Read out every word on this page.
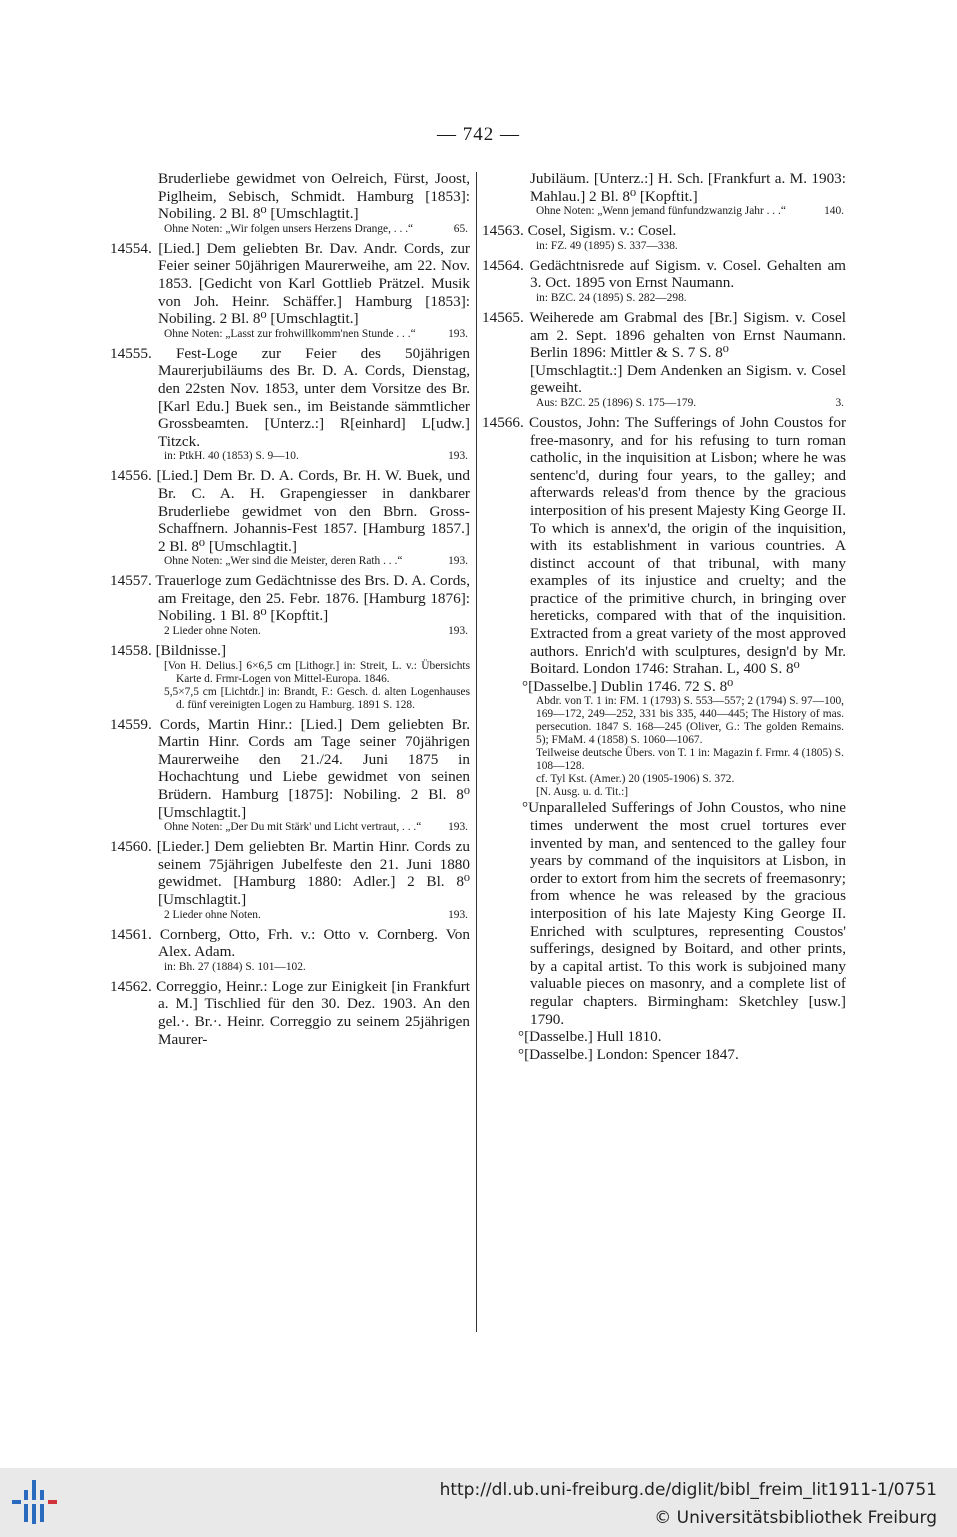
— 742 —

Bruderliebe gewidmet von Oelreich, Fürst, Joost, Piglheim, Sebisch, Schmidt. Hamburg [1853]: Nobiling. 2 Bl. 8⁰ [Umschlagtit.]

65.
Ohne Noten: „Wir folgen unsers Herzens Drange, . . .“

14554. [Lied.] Dem geliebten Br. Dav. Andr. Cords, zur Feier seiner 50jährigen Maurerweihe, am 22. Nov. 1853. [Gedicht von Karl Gottlieb Prätzel. Musik von Joh. Heinr. Schäffer.] Hamburg [1853]: Nobiling. 2 Bl. 8⁰ [Umschlagtit.]

193.
Ohne Noten: „Lasst zur frohwillkomm'nen Stunde . . .“

14555. Fest-Loge zur Feier des 50jährigen Maurerjubiläums des Br. D. A. Cords, Dienstag, den 22sten Nov. 1853, unter dem Vorsitze des Br. [Karl Edu.] Buek sen., im Beistande sämmtlicher Grossbeamten. [Unterz.:] R[einhard] L[udw.] Titzck.

193.
in: PtkH. 40 (1853) S. 9—10.

14556. [Lied.] Dem Br. D. A. Cords, Br. H. W. Buek, und Br. C. A. H. Grapengiesser in dankbarer Bruderliebe gewidmet von den Bbrn. Gross-Schaffnern. Johannis-Fest 1857. [Hamburg 1857.] 2 Bl. 8⁰ [Umschlagtit.]

193.
Ohne Noten: „Wer sind die Meister, deren Rath . . .“

14557. Trauerloge zum Gedächtnisse des Brs. D. A. Cords, am Freitage, den 25. Febr. 1876. [Hamburg 1876]: Nobiling. 1 Bl. 8⁰ [Kopftit.]

193.
2 Lieder ohne Noten.

14558. [Bildnisse.]

[Von H. Delius.] 6×6,5 cm [Lithogr.] in: Streit, L. v.: Übersichts Karte d. Frmr-Logen von Mittel-Europa. 1846.

5,5×7,5 cm [Lichtdr.] in: Brandt, F.: Gesch. d. alten Logenhauses d. fünf vereinigten Logen zu Hamburg. 1891 S. 128.

14559. Cords, Martin Hinr.: [Lied.] Dem geliebten Br. Martin Hinr. Cords am Tage seiner 70jährigen Maurerweihe den 21./24. Juni 1875 in Hochachtung und Liebe gewidmet von seinen Brüdern. Hamburg [1875]: Nobiling. 2 Bl. 8⁰ [Umschlagtit.]

193.
Ohne Noten: „Der Du mit Stärk' und Licht vertraut, . . .“

14560. [Lieder.] Dem geliebten Br. Martin Hinr. Cords zu seinem 75jährigen Jubelfeste den 21. Juni 1880 gewidmet. [Hamburg 1880: Adler.] 2 Bl. 8⁰ [Umschlagtit.]

193.
2 Lieder ohne Noten.

14561. Cornberg, Otto, Frh. v.: Otto v. Cornberg. Von Alex. Adam.

in: Bh. 27 (1884) S. 101—102.

14562. Correggio, Heinr.: Loge zur Einigkeit [in Frankfurt a. M.] Tischlied für den 30. Dez. 1903. An den gel.·. Br.·. Heinr. Correggio zu seinem 25jährigen Maurer-

Jubiläum. [Unterz.:] H. Sch. [Frankfurt a. M. 1903: Mahlau.] 2 Bl. 8⁰ [Kopftit.]

140.
Ohne Noten: „Wenn jemand fünfundzwanzig Jahr . . .“

14563. Cosel, Sigism. v.: Cosel.

in: FZ. 49 (1895) S. 337—338.

14564. Gedächtnisrede auf Sigism. v. Cosel. Gehalten am 3. Oct. 1895 von Ernst Naumann.

in: BZC. 24 (1895) S. 282—298.

14565. Weiherede am Grabmal des [Br.] Sigism. v. Cosel am 2. Sept. 1896 gehalten von Ernst Naumann. Berlin 1896: Mittler & S. 7 S. 8⁰

[Umschlagtit.:] Dem Andenken an Sigism. v. Cosel geweiht.

3.
Aus: BZC. 25 (1896) S. 175—179.

14566. Coustos, John: The Sufferings of John Coustos for free-masonry, and for his refusing to turn roman catholic, in the inquisition at Lisbon; where he was sentenc'd, during four years, to the galley; and afterwards releas'd from thence by the gracious interposition of his present Majesty King George II. To which is annex'd, the origin of the inquisition, with its establishment in various countries. A distinct account of that tribunal, with many examples of its injustice and cruelty; and the practice of the primitive church, in bringing over hereticks, compared with that of the inquisition. Extracted from a great variety of the most approved authors. Enrich'd with sculptures, design'd by Mr. Boitard. London 1746: Strahan. L, 400 S. 8⁰

°[Dasselbe.] Dublin 1746. 72 S. 8⁰

Abdr. von T. 1 in: FM. 1 (1793) S. 553—557; 2 (1794) S. 97—100, 169—172, 249—252, 331 bis 335, 440—445; The History of mas. persecution. 1847 S. 168—245 (Oliver, G.: The golden Remains. 5); FMaM. 4 (1858) S. 1060—1067.

Teilweise deutsche Übers. von T. 1 in: Magazin f. Frmr. 4 (1805) S. 108—128.

cf. Tyl Kst. (Amer.) 20 (1905-1906) S. 372.

[N. Ausg. u. d. Tit.:]

°Unparalleled Sufferings of John Coustos, who nine times underwent the most cruel tortures ever invented by man, and sentenced to the galley four years by command of the inquisitors at Lisbon, in order to extort from him the secrets of freemasonry; from whence he was released by the gracious interposition of his late Majesty King George II. Enriched with sculptures, representing Coustos' sufferings, designed by Boitard, and other prints, by a capital artist. To this work is subjoined many valuable pieces on masonry, and a complete list of regular chapters. Birmingham: Sketchley [usw.] 1790.

°[Dasselbe.] Hull 1810.

°[Dasselbe.] London: Spencer 1847.

http://dl.ub.uni-freiburg.de/diglit/bibl_freim_lit1911-1/0751
© Universitätsbibliothek Freiburg
